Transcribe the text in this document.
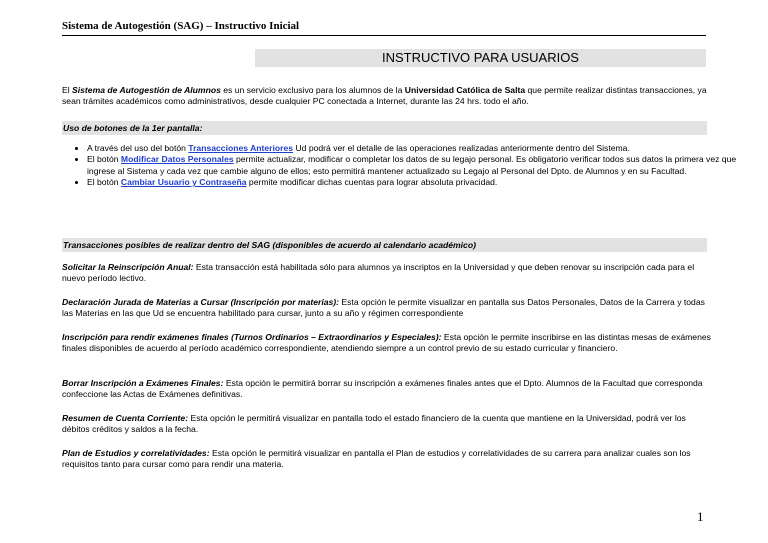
Sistema de Autogestión (SAG) – Instructivo Inicial
INSTRUCTIVO PARA USUARIOS
El Sistema de Autogestión de Alumnos es un servicio exclusivo para los alumnos de la Universidad Católica de Salta que permite realizar distintas transacciones, ya sean trámites académicos como administrativos, desde cualquier PC conectada a Internet, durante las 24 hrs. todo el año.
Uso de botones de la 1er pantalla:
• A través del uso del botón Transacciones Anteriores Ud podrá ver el detalle de las operaciones realizadas anteriormente dentro del Sistema.
• El botón Modificar Datos Personales permite actualizar, modificar o completar los datos de su legajo personal. Es obligatorio verificar todos sus datos la primera vez que ingrese al Sistema y cada vez que cambie alguno de ellos; esto permitirá mantener actualizado su Legajo al Personal del Dpto. de Alumnos y en su Facultad.
• El botón Cambiar Usuario y Contraseña permite modificar dichas cuentas para lograr absoluta privacidad.
Transacciones posibles de realizar dentro del SAG (disponibles de acuerdo al calendario académico)
Solicitar la Reinscripción Anual: Esta transacción está habilitada sólo para alumnos ya inscriptos en la Universidad y que deben renovar su inscripción cada para el nuevo período lectivo.
Declaración Jurada de Materias a Cursar (Inscripción por materias): Esta opción le permite visualizar en pantalla sus Datos Personales, Datos de la Carrera y todas las Materias en las que Ud se encuentra habilitado para cursar, junto a su año y régimen correspondiente
Inscripción para rendir exámenes finales (Turnos Ordinarios – Extraordinarios y Especiales): Esta opción le permite inscribirse en las distintas mesas de exámenes finales disponibles de acuerdo al período académico correspondiente, atendiendo siempre a un control previo de su estado curricular y financiero.
Borrar Inscripción a Exámenes Finales: Esta opción le permitirá borrar su inscripción a exámenes finales antes que el Dpto. Alumnos de la Facultad que corresponda confeccione las Actas de Exámenes definitivas.
Resumen de Cuenta Corriente: Esta opción le permitirá visualizar en pantalla todo el estado financiero de la cuenta que mantiene en la Universidad, podrá ver los débitos créditos y saldos a la fecha.
Plan de Estudios y correlatividades: Esta opción le permitirá visualizar en pantalla el Plan de estudios y correlatividades de su carrera para analizar cuales son los requisitos tanto para cursar como para rendir una materia.
1
